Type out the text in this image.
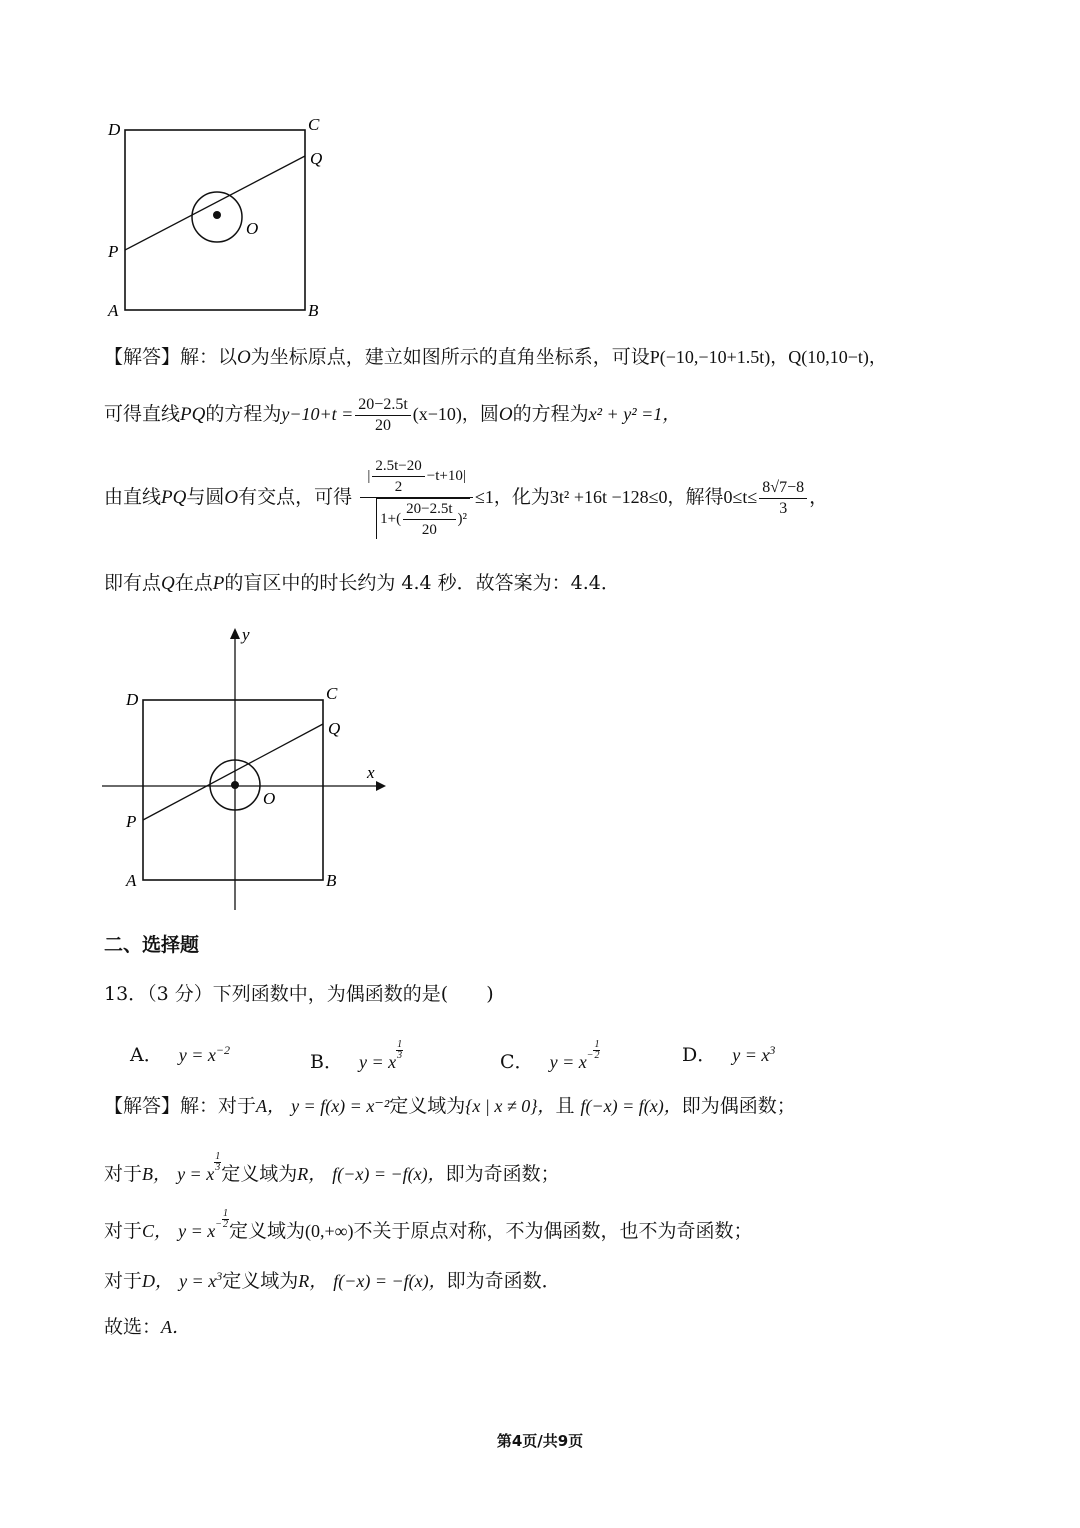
D	C
Q
O
P
A	B
【解答】解：以O为坐标原点，建立如图所示的直角坐标系，可设P(−10,−10+1.5t)，Q(10,10−t)，
可得直线PQ的方程为$y-10+t = \frac{20-2.5t}{20} (x-10)$，圆O的方程为x² + y² =1，
由直线PQ与圆O有交点，可得 $\frac{| \frac{2.5t-20}{2} -t+10|}{1+( \frac{20-2.5t}{20} )^2} \le 1$，化为3t² +16t −128≤0，解得$0\le t\le \frac{8√7-8}{3}$ ，
即有点Q在点P的盲区中的时长约为 4.4 秒．故答案为：4.4．
y
x
D	C
Q
O
P
A	B
二、选择题
13．（3 分）下列函数中，为偶函数的是(　　)
A． $y = x^{-2}$
B． y = x
$\frac{1}{3}$
C． $y = x^- \frac{1}{2}$	D． $y = x^3$
【解答】解：对于A， y = f(x) = x⁻²定义域为{x | x ≠ 0}，且 f(−x) = f(x)，即为偶函数；
对于B， y = x
$\frac{1}{3}$
定义域为R， f(−x) = −f(x)，即为奇函数；
对于C， $y = x^- \frac{1}{2}$
定义域为(0,+∞)不关于原点对称，不为偶函数，也不为奇函数；
对于D， $y = x^3$定义域为R， f(−x) = −f(x)，即为奇函数．
故选：A．
第4页/共9页
